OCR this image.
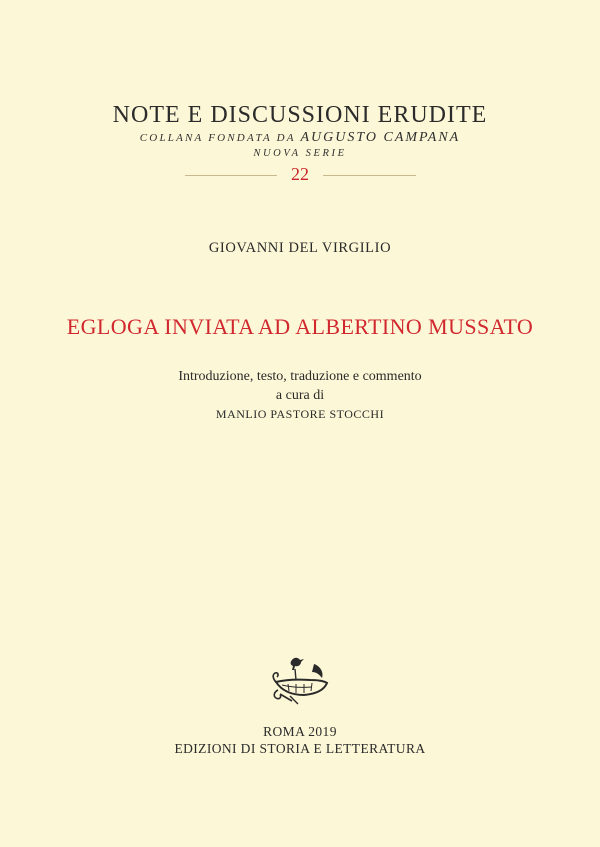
NOTE E DISCUSSIONI ERUDITE
COLLANA FONDATA DA AUGUSTO CAMPANA
NUOVA SERIE
22
GIOVANNI DEL VIRGILIO
EGLOGA INVIATA AD ALBERTINO MUSSATO
Introduzione, testo, traduzione e commento
a cura di
MANLIO PASTORE STOCCHI
ROMA 2019
EDIZIONI DI STORIA E LETTERATURA
